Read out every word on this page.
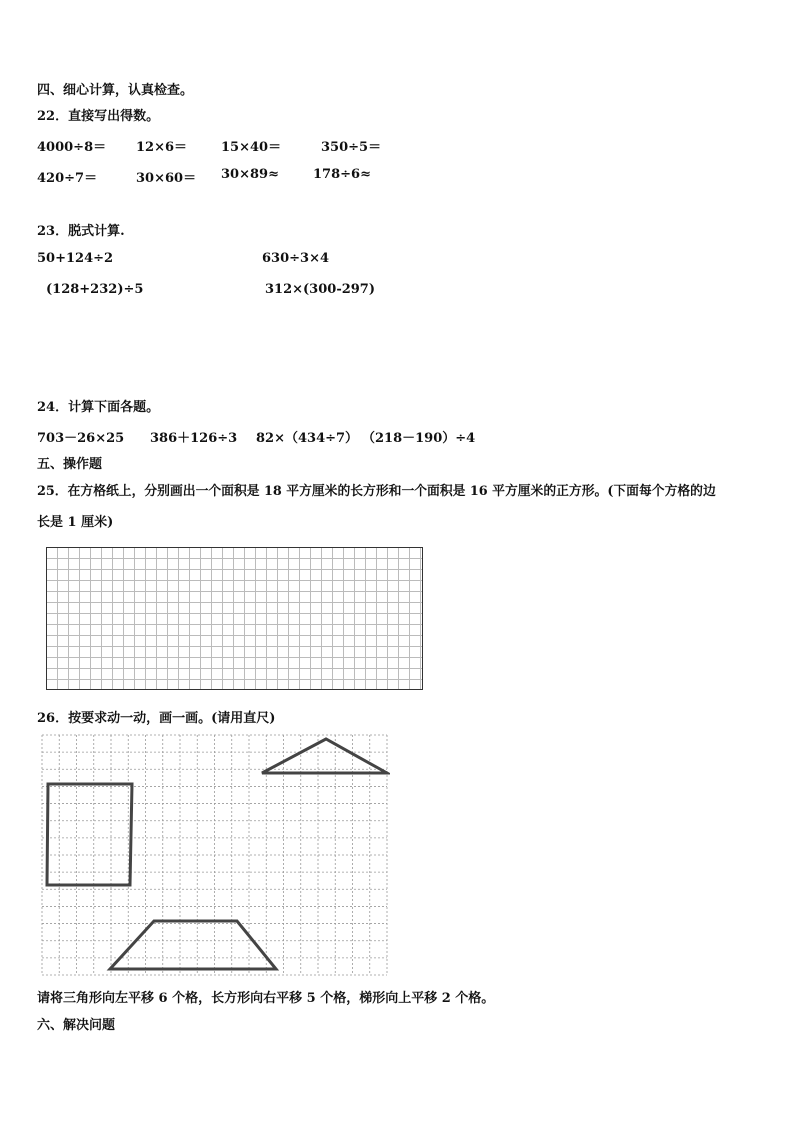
四、细心计算，认真检查。
22．直接写出得数。
4000÷8＝ 12×6＝	15×40＝	350÷5＝
420÷7＝	30×60＝ 30×89≈	178÷6≈
23．脱式计算.
50+124÷2	630÷3×4
(128+232)÷5	312×(300-297)
24．计算下面各题。
703－26×25 386＋126÷3 82×（434÷7） （218－190）÷4
五、操作题
25．在方格纸上，分别画出一个面积是 18 平方厘米的长方形和一个面积是 16 平方厘米的正方形。(下面每个方格的边
长是 1 厘米)
26．按要求动一动，画一画。(请用直尺)
请将三角形向左平移 6 个格，长方形向右平移 5 个格，梯形向上平移 2 个格。
六、解决问题
